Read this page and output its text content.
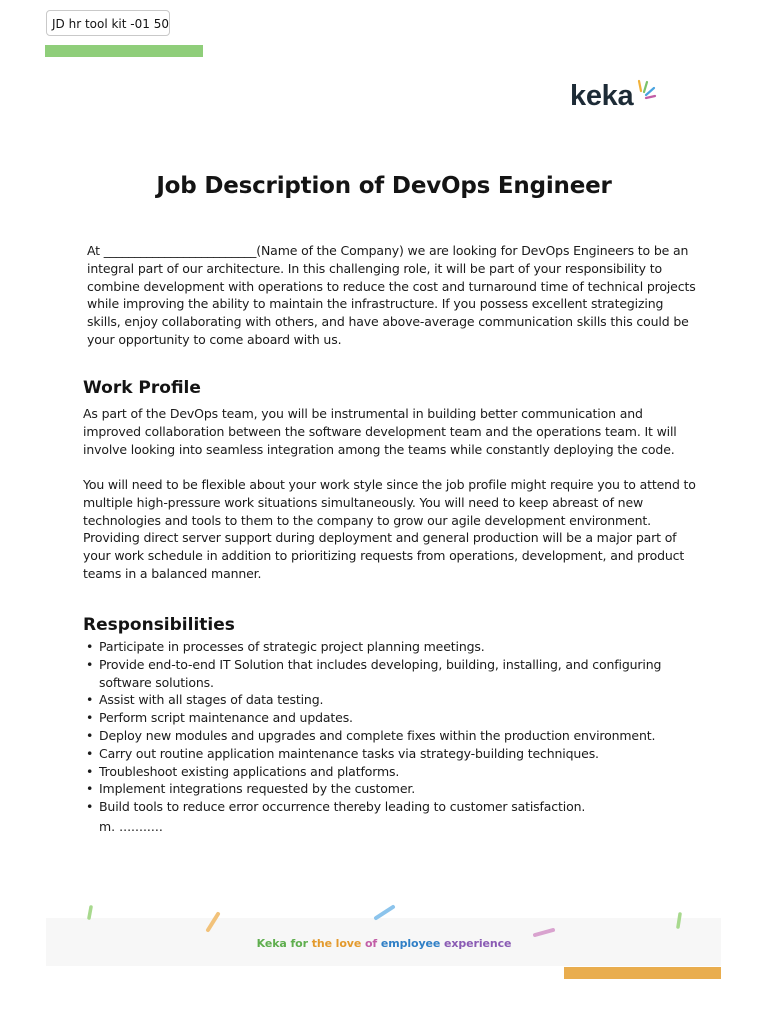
JD hr tool kit -01 50
keka
Job Description of DevOps Engineer

At _________________________(Name of the Company) we are looking for DevOps Engineers to be an integral part of our architecture. In this challenging role, it will be part of your responsibility to combine development with operations to reduce the cost and turnaround time of technical projects while improving the ability to maintain the infrastructure. If you possess excellent strategizing skills, enjoy collaborating with others, and have above-average communication skills this could be your opportunity to come aboard with us.

Work Profile

As part of the DevOps team, you will be instrumental in building better communication and improved collaboration between the software development team and the operations team. It will involve looking into seamless integration among the teams while constantly deploying the code.

You will need to be flexible about your work style since the job profile might require you to attend to multiple high-pressure work situations simultaneously. You will need to keep abreast of new technologies and tools to them to the company to grow our agile development environment. Providing direct server support during deployment and general production will be a major part of your work schedule in addition to prioritizing requests from operations, development, and product teams in a balanced manner.

Responsibilities
• Participate in processes of strategic project planning meetings.
• Provide end-to-end IT Solution that includes developing, building, installing, and configuring software solutions.
• Assist with all stages of data testing.
• Perform script maintenance and updates.
• Deploy new modules and upgrades and complete fixes within the production environment.
• Carry out routine application maintenance tasks via strategy-building techniques.
• Troubleshoot existing applications and platforms.
• Implement integrations requested by the customer.
• Build tools to reduce error occurrence thereby leading to customer satisfaction.
m. ...........
Keka for the love of employee experience
